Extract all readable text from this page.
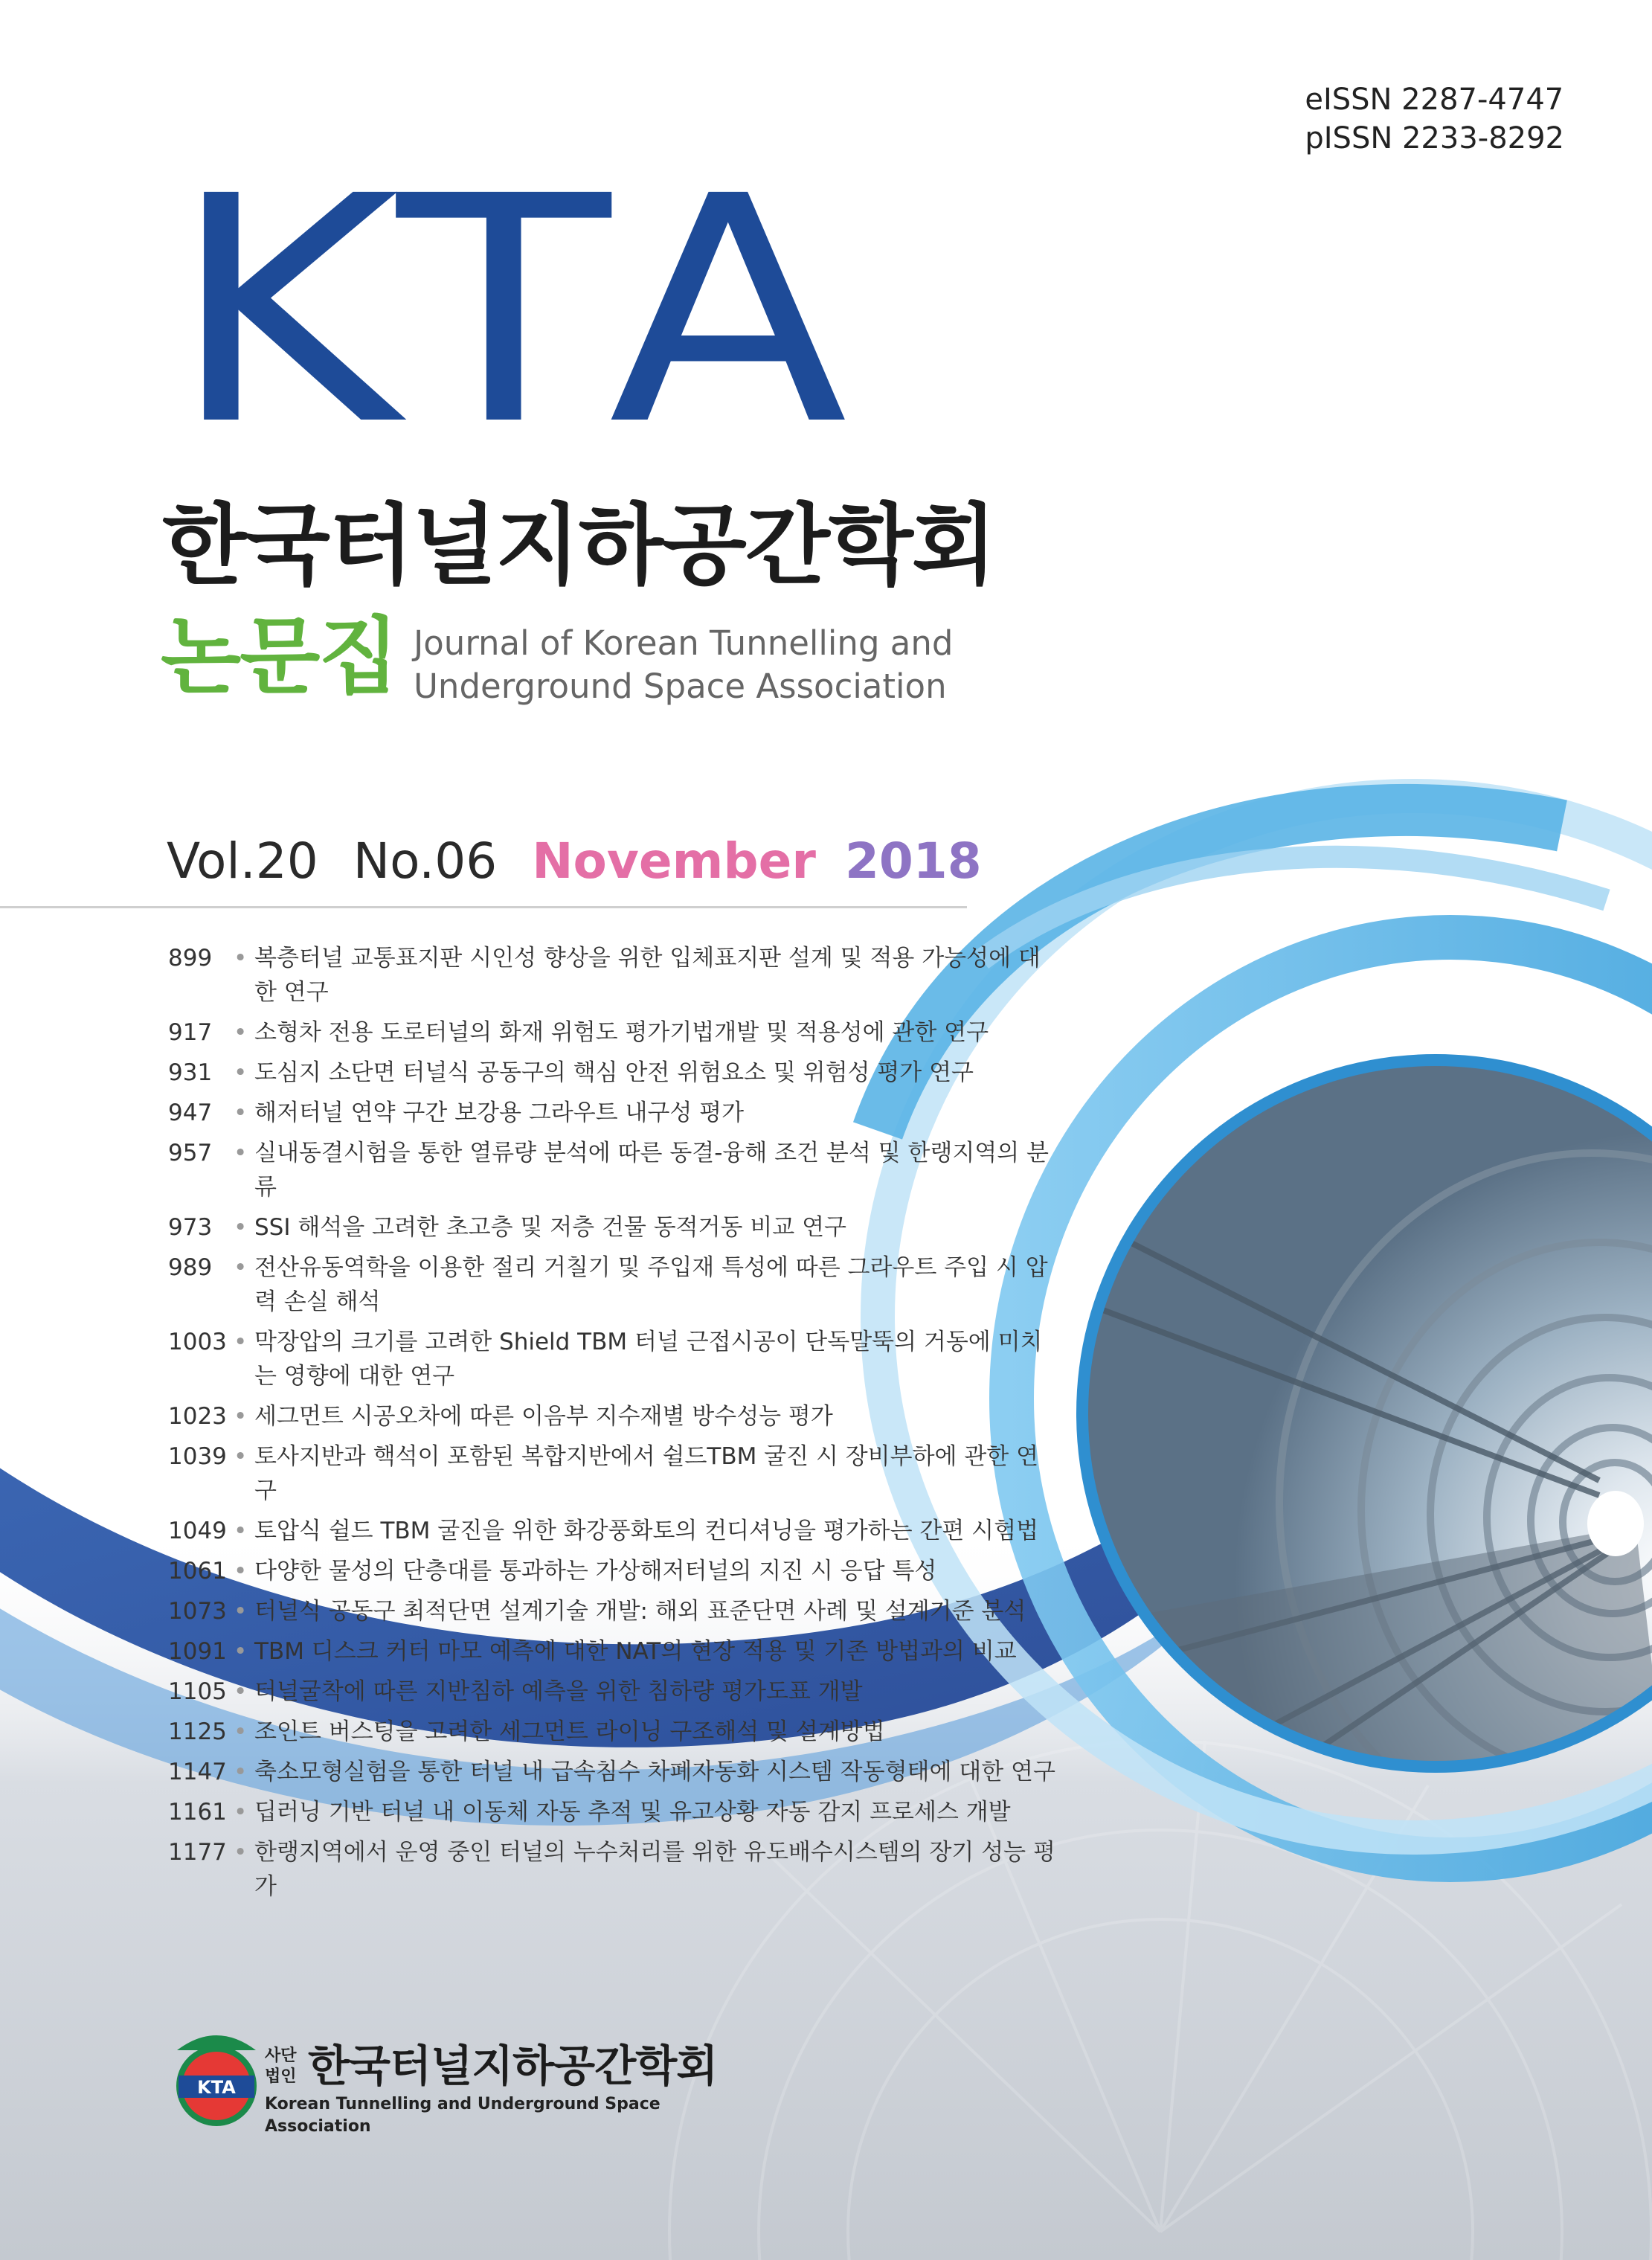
eISSN 2287-4747
pISSN 2233-8292
KTA
한국터널지하공간학회
논문집 Journal of Korean Tunnelling and
Underground Space Association
Vol.20 No.06 November 2018
899 • 복층터널 교통표지판 시인성 향상을 위한 입체표지판 설계 및 적용 가능성에 대한 연구
917 • 소형차 전용 도로터널의 화재 위험도 평가기법개발 및 적용성에 관한 연구
931 • 도심지 소단면 터널식 공동구의 핵심 안전 위험요소 및 위험성 평가 연구
947 • 해저터널 연약 구간 보강용 그라우트 내구성 평가
957 • 실내동결시험을 통한 열류량 분석에 따른 동결-융해 조건 분석 및 한랭지역의 분류
973 • SSI 해석을 고려한 초고층 및 저층 건물 동적거동 비교 연구
989 • 전산유동역학을 이용한 절리 거칠기 및 주입재 특성에 따른 그라우트 주입 시 압력 손실 해석
1003 • 막장압의 크기를 고려한 Shield TBM 터널 근접시공이 단독말뚝의 거동에 미치는 영향에 대한 연구
1023 • 세그먼트 시공오차에 따른 이음부 지수재별 방수성능 평가
1039 • 토사지반과 핵석이 포함된 복합지반에서 쉴드TBM 굴진 시 장비부하에 관한 연구
1049 • 토압식 쉴드 TBM 굴진을 위한 화강풍화토의 컨디셔닝을 평가하는 간편 시험법
1061 • 다양한 물성의 단층대를 통과하는 가상해저터널의 지진 시 응답 특성
1073 • 터널식 공동구 최적단면 설계기술 개발: 해외 표준단면 사례 및 설계기준 분석
1091 • TBM 디스크 커터 마모 예측에 대한 NAT의 현장 적용 및 기존 방법과의 비교
1105 • 터널굴착에 따른 지반침하 예측을 위한 침하량 평가도표 개발
1125 • 조인트 버스팅을 고려한 세그먼트 라이닝 구조해석 및 설계방법
1147 • 축소모형실험을 통한 터널 내 급속침수 차폐자동화 시스템 작동형태에 대한 연구
1161 • 딥러닝 기반 터널 내 이동체 자동 추적 및 유고상황 자동 감지 프로세스 개발
1177 • 한랭지역에서 운영 중인 터널의 누수처리를 위한 유도배수시스템의 장기 성능 평가
KTA
사단
법인 한국터널지하공간학회
Korean Tunnelling and Underground Space Association
